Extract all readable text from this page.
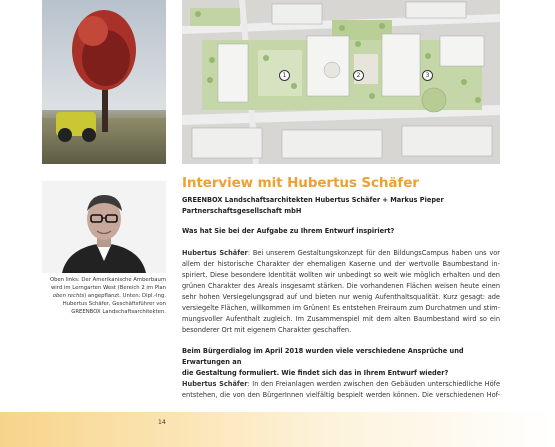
1	2	3
Oben links: Der Amerikanische Amberbaum
wird im Lerngarten West (Bereich 2 im Plan
oben rechts) angepflanzt. Unten: Dipl.-Ing.
Hubertus Schäfer, Geschäftsführer von
GREENBOX Landschaftsarchitekten.
Interview mit Hubertus Schäfer
GREENBOX Landschaftsarchitekten Hubertus Schäfer + Markus Pieper
Partnerschaftsgesellschaft mbH
Was hat Sie bei der Aufgabe zu Ihrem Entwurf inspiriert?
Hubertus Schäfer: Bei unserem Gestaltungskonzept für den BildungsCampus haben uns vor
allem der historische Charakter der ehemaligen Kaserne und der wertvolle Baumbestand in-
spiriert. Diese besondere Identität wollten wir unbedingt so weit wie möglich erhalten und den
grünen Charakter des Areals insgesamt stärken. Die vorhandenen Flächen weisen heute einen
sehr hohen Versiegelungsgrad auf und bieten nur wenig Aufenthaltsqualität. Kurz gesagt: ade
versiegelte Flächen, willkommen im Grünen! Es entstehen Freiraum zum Durchatmen und stim-
mungsvoller Aufenthalt zugleich. Im Zusammenspiel mit dem alten Baumbestand wird so ein
besonderer Ort mit eigenem Charakter geschaffen.
Beim Bürgerdialog im April 2018 wurden viele verschiedene Ansprüche und Erwartungen an
die Gestaltung formuliert. Wie findet sich das in Ihrem Entwurf wieder?
Hubertus Schäfer: In den Freianlagen werden zwischen den Gebäuden unterschiedliche Höfe
entstehen, die von den BürgerInnen vielfältig bespielt werden können. Die verschiedenen Hof-
14
